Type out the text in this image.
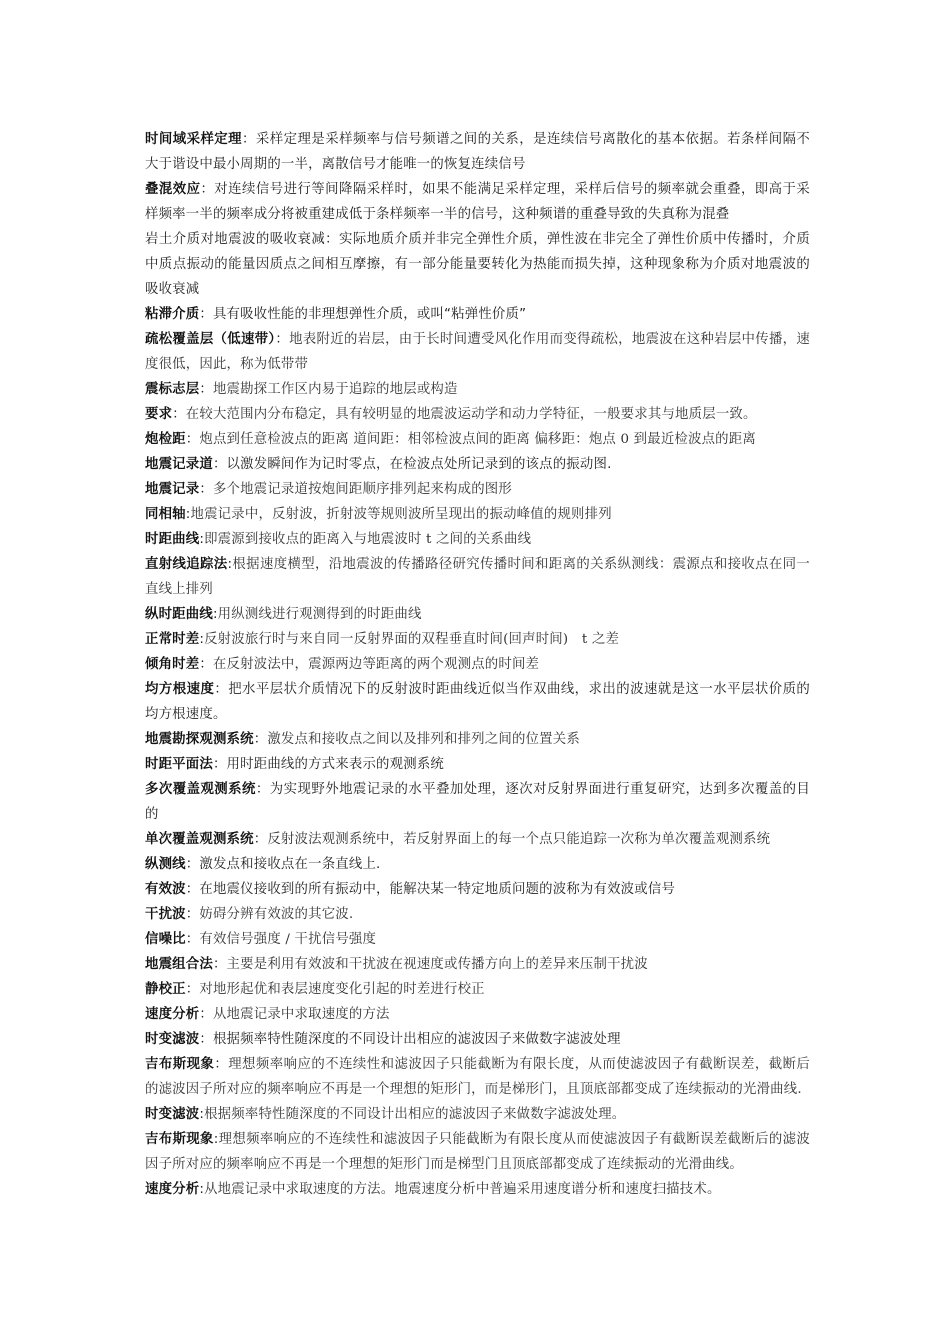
时间域采样定理：采样定理是采样频率与信号频谱之间的关系，是连续信号离散化的基本依据。若条样间隔不大于谐设中最小周期的一半，离散信号才能唯一的恢复连续信号

叠混效应：对连续信号进行等间降隔采样时，如果不能满足采样定理，采样后信号的频率就会重叠，即高于采样频率一半的频率成分将被重建成低于条样频率一半的信号，这种频谱的重叠导致的失真称为混叠

岩土介质对地震波的吸收衰减：实际地质介质并非完全弹性介质，弹性波在非完全了弹性价质中传播时，介质中质点振动的能量因质点之间相互摩擦，有一部分能量要转化为热能而损失掉，这种现象称为介质对地震波的吸收衰减

粘滞介质：具有吸收性能的非理想弹性介质，或叫“粘弹性价质”

疏松覆盖层（低速带）：地表附近的岩层，由于长时间遭受风化作用而变得疏松，地震波在这种岩层中传播，速度很低，因此，称为低带带

震标志层：地震勘探工作区内易于追踪的地层或构造

要求：在较大范围内分布稳定，具有较明显的地震波运动学和动力学特征，一般要求其与地质层一致。

炮检距：炮点到任意检波点的距离 道间距：相邻检波点间的距离 偏移距：炮点 0 到最近检波点的距离

地震记录道：以激发瞬间作为记时零点，在检波点处所记录到的该点的振动图.

地震记录：多个地震记录道按炮间距顺序排列起来构成的图形

同相轴:地震记录中，反射波，折射波等规则波所呈现出的振动峰值的规则排列

时距曲线:即震源到接收点的距离入与地震波时 t 之间的关系曲线

直射线追踪法:根据速度横型，沿地震波的传播路径研究传播时间和距离的关系纵测线：震源点和接收点在同一直线上排列

纵时距曲线:用纵测线进行观测得到的时距曲线

正常时差:反射波旅行时与来自同一反射界面的双程垂直时间(回声时间)　t 之差

倾角时差：在反射波法中，震源两边等距离的两个观测点的时间差

均方根速度：把水平层状介质情况下的反射波时距曲线近似当作双曲线，求出的波速就是这一水平层状价质的均方根速度。

地震勘探观测系统：激发点和接收点之间以及排列和排列之间的位置关系

时距平面法：用时距曲线的方式来表示的观测系统

多次覆盖观测系统：为实现野外地震记录的水平叠加处理，逐次对反射界面进行重复研究，达到多次覆盖的目的

单次覆盖观测系统：反射波法观测系统中，若反射界面上的每一个点只能追踪一次称为单次覆盖观测系统

纵测线：激发点和接收点在一条直线上.

有效波：在地震仪接收到的所有振动中，能解决某一特定地质问题的波称为有效波或信号

干扰波：妨碍分辨有效波的其它波.

信噪比：有效信号强度 / 干扰信号强度

地震组合法：主要是利用有效波和干扰波在视速度或传播方向上的差异来压制干扰波

静校正：对地形起优和表层速度变化引起的时差进行校正

速度分析：从地震记录中求取速度的方法

时变滤波：根据频率特性随深度的不同设计出相应的滤波因子来做数字滤波处理

吉布斯现象：理想频率响应的不连续性和滤波因子只能截断为有限长度，从而使滤波因子有截断误差，截断后的滤波因子所对应的频率响应不再是一个理想的矩形门，而是梯形门，且顶底部都变成了连续振动的光滑曲线.

时变滤波:根据频率特性随深度的不同设计出相应的滤波因子来做数字滤波处理。

吉布斯现象:理想频率响应的不连续性和滤波因子只能截断为有限长度从而使滤波因子有截断误差截断后的滤波因子所对应的频率响应不再是一个理想的矩形门而是梯型门且顶底部都变成了连续振动的光滑曲线。

速度分析:从地震记录中求取速度的方法。地震速度分析中普遍采用速度谱分析和速度扫描技术。
